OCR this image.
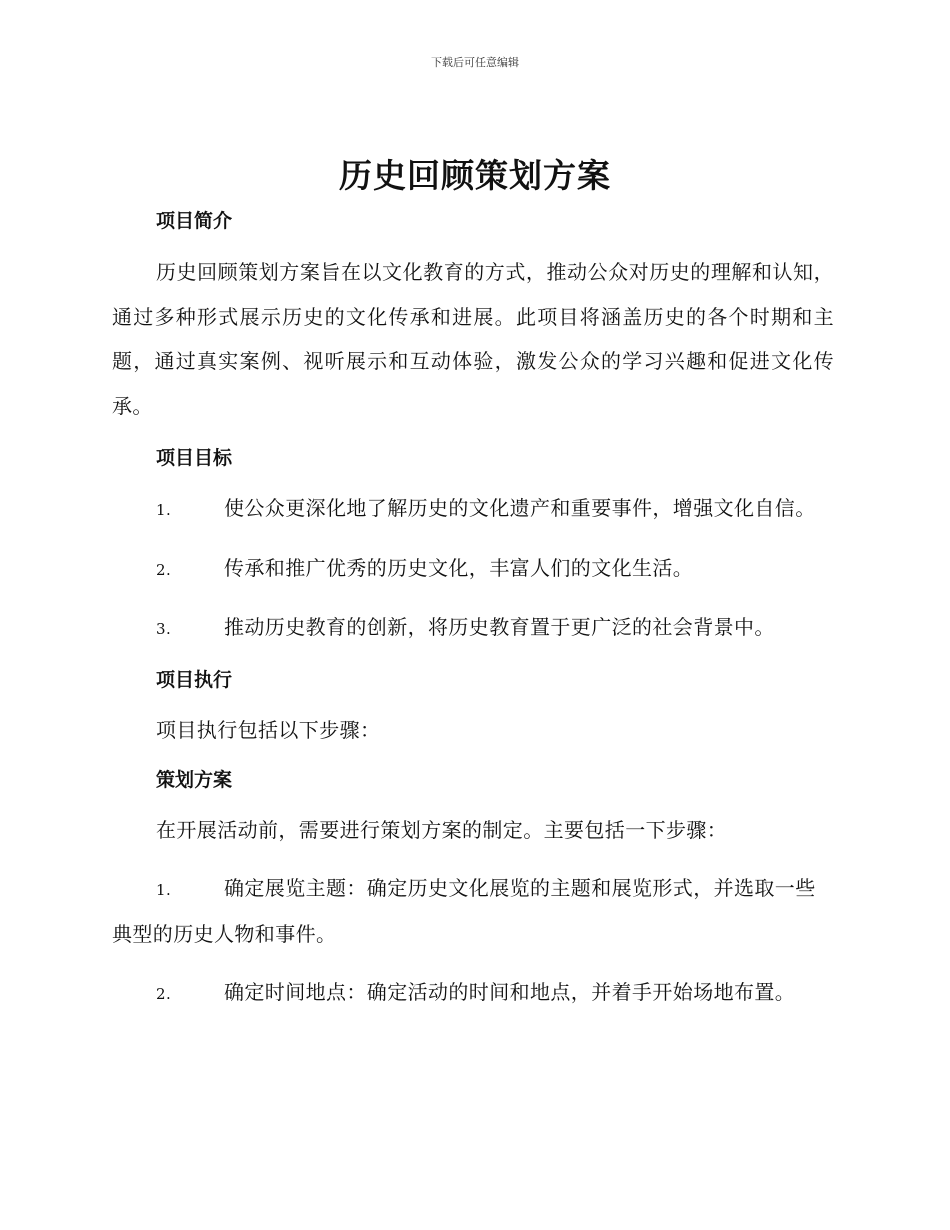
下载后可任意编辑
历史回顾策划方案
项目简介
历史回顾策划方案旨在以文化教育的方式，推动公众对历史的理解和认知，通过多种形式展示历史的文化传承和进展。此项目将涵盖历史的各个时期和主题，通过真实案例、视听展示和互动体验，激发公众的学习兴趣和促进文化传承。
项目目标
1.	使公众更深化地了解历史的文化遗产和重要事件，增强文化自信。
2.	传承和推广优秀的历史文化，丰富人们的文化生活。
3.	推动历史教育的创新，将历史教育置于更广泛的社会背景中。
项目执行
项目执行包括以下步骤：
策划方案
在开展活动前，需要进行策划方案的制定。主要包括一下步骤：
1.	确定展览主题：确定历史文化展览的主题和展览形式，并选取一些典型的历史人物和事件。
2.	确定时间地点：确定活动的时间和地点，并着手开始场地布置。
